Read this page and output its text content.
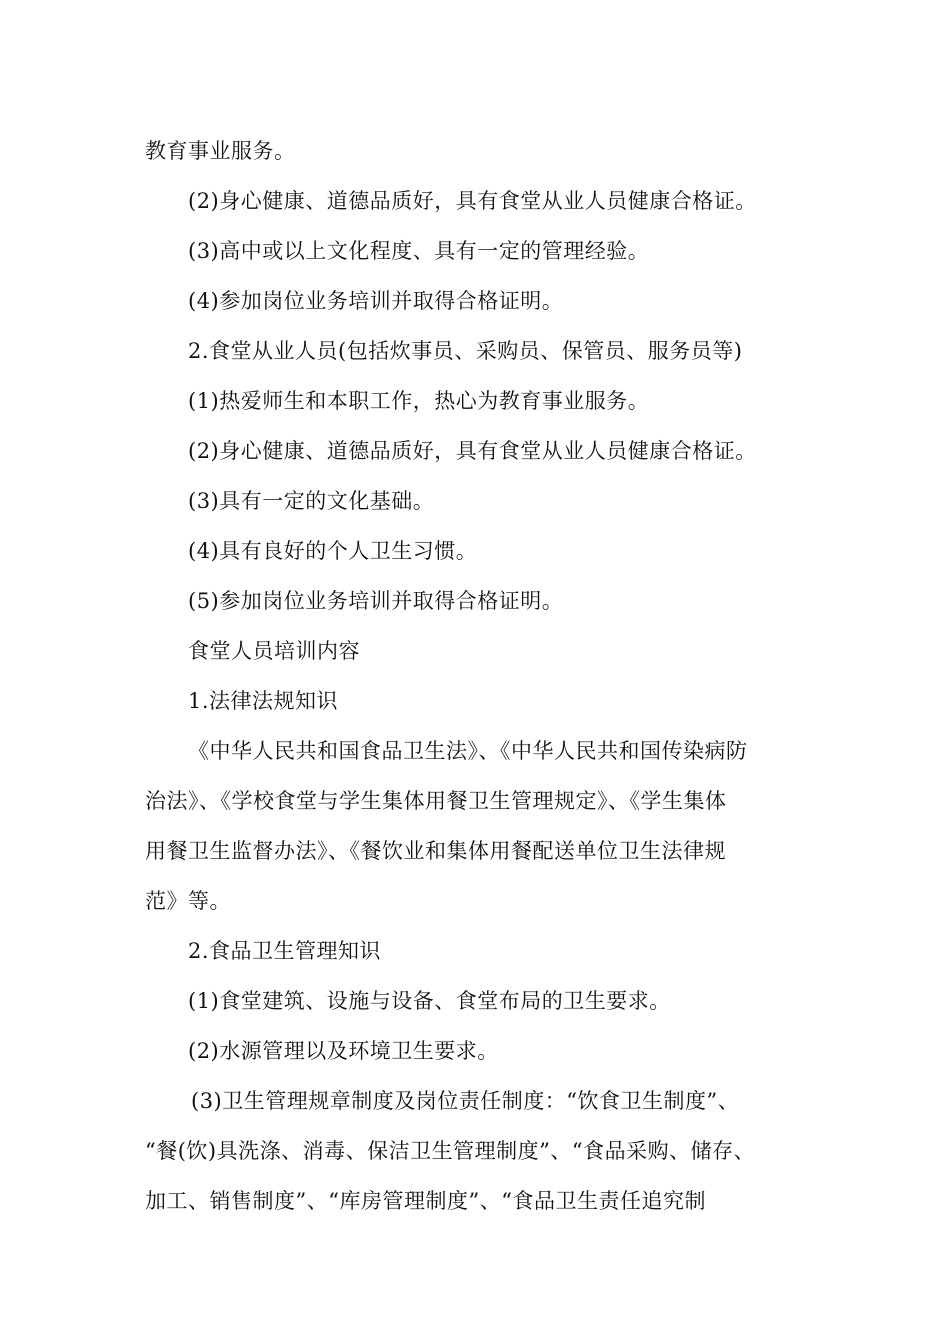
教育事业服务。
(2)身心健康、道德品质好，具有食堂从业人员健康合格证。
(3)高中或以上文化程度、具有一定的管理经验。
(4)参加岗位业务培训并取得合格证明。
2.食堂从业人员(包括炊事员、采购员、保管员、服务员等)
(1)热爱师生和本职工作，热心为教育事业服务。
(2)身心健康、道德品质好，具有食堂从业人员健康合格证。
(3)具有一定的文化基础。
(4)具有良好的个人卫生习惯。
(5)参加岗位业务培训并取得合格证明。
食堂人员培训内容
1.法律法规知识
《中华人民共和国食品卫生法》、《中华人民共和国传染病防
治法》、《学校食堂与学生集体用餐卫生管理规定》、《学生集体
用餐卫生监督办法》、《餐饮业和集体用餐配送单位卫生法律规
范》等。
2.食品卫生管理知识
(1)食堂建筑、设施与设备、食堂布局的卫生要求。
(2)水源管理以及环境卫生要求。
(3)卫生管理规章制度及岗位责任制度：“饮食卫生制度”、
“餐(饮)具洗涤、消毒、保洁卫生管理制度”、“食品采购、储存、
加工、销售制度”、“库房管理制度”、“食品卫生责任追究制
